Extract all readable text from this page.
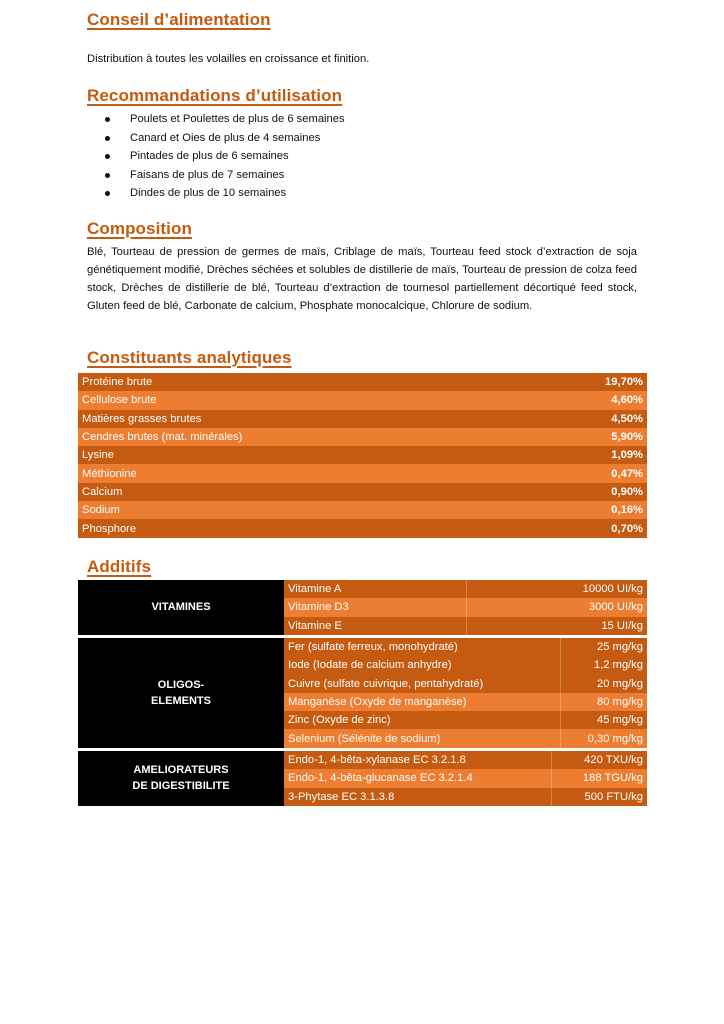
Conseil d’alimentation
Distribution à toutes les volailles en croissance et finition.
Recommandations d’utilisation
Poulets et Poulettes de plus de 6 semaines
Canard et Oies de plus de 4 semaines
Pintades de plus de 6 semaines
Faisans de plus de 7 semaines
Dindes de plus de 10 semaines
Composition
Blé, Tourteau de pression de germes de maïs, Criblage de maïs, Tourteau feed stock d’extraction de soja génétiquement modifié, Drèches séchées et solubles de distillerie de maïs, Tourteau de pression de colza feed stock, Drèches de distillerie de blé, Tourteau d’extraction de tournesol partiellement décortiqué feed stock, Gluten feed de blé, Carbonate de calcium, Phosphate monocalcique, Chlorure de sodium.
Constituants analytiques
Protéine brute	19,70%
Cellulose brute	4,60%
Matières grasses brutes	4,50%
Cendres brutes (mat. minérales)	5,90%
Lysine	1,09%
Méthionine	0,47%
Calcium	0,90%
Sodium	0,16%
Phosphore	0,70%
Additifs
VITAMINES	Vitamine A	10000 UI/kg
	Vitamine D3	3000 UI/kg
	Vitamine E	15 UI/kg
OLIGOS-
ELEMENTS	Fer (sulfate ferreux, monohydraté)	25 mg/kg
	Iode (Iodate de calcium anhydre)	1,2 mg/kg
	Cuivre (sulfate cuivrique, pentahydraté)	20 mg/kg
	Manganèse (Oxyde de manganèse)	80 mg/kg
	Zinc (Oxyde de zinc)	45 mg/kg
	Selenium (Sélénite de sodium)	0,30 mg/kg
AMELIORATEURS
DE DIGESTIBILITE	Endo-1, 4-bêta-xylanase EC 3.2.1.8	420 TXU/kg
	Endo-1, 4-bêta-glucanase EC 3.2.1.4	188 TGU/kg
	3-Phytase EC 3.1.3.8	500 FTU/kg
